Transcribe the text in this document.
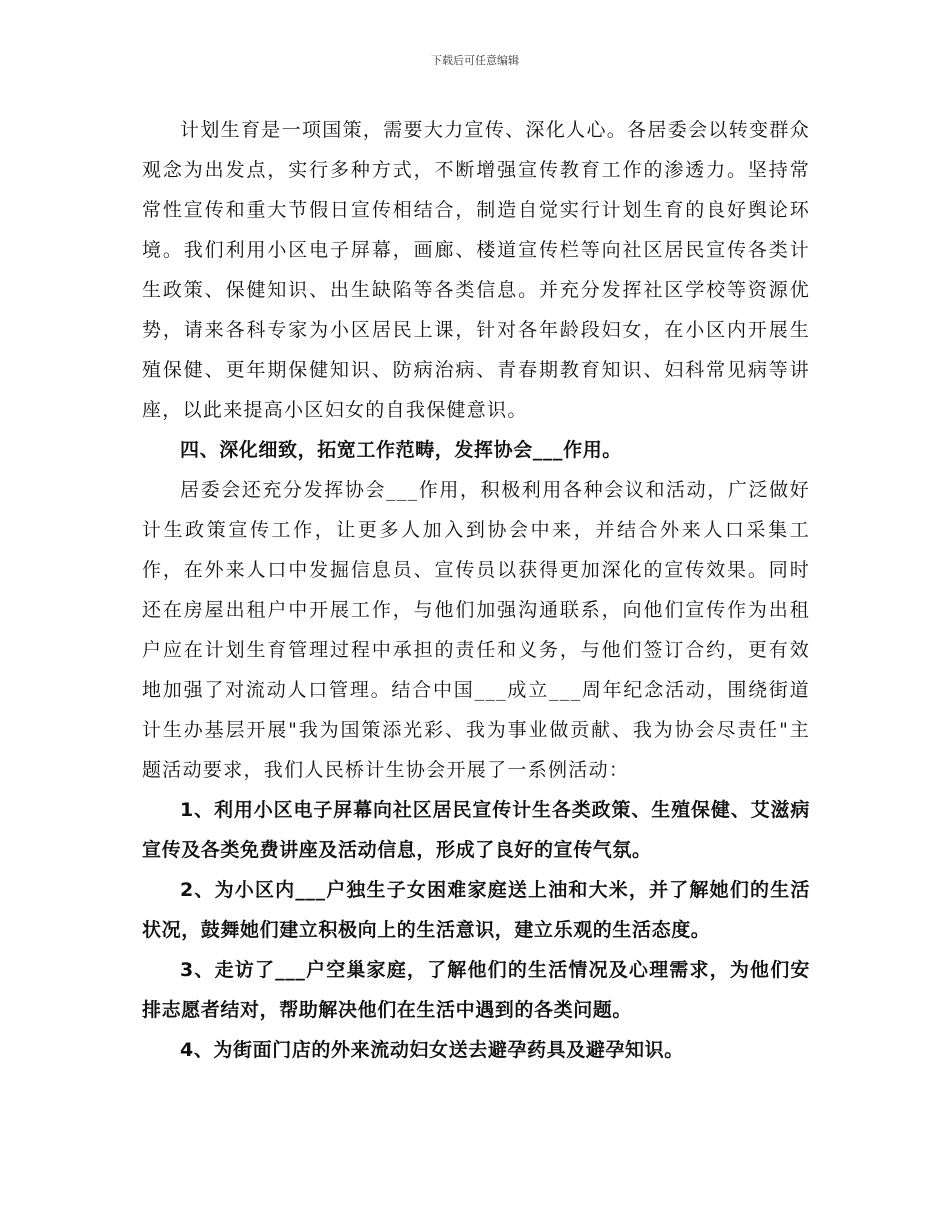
下载后可任意编辑

计划生育是一项国策，需要大力宣传、深化人心。各居委会以转变群众观念为出发点，实行多种方式，不断增强宣传教育工作的渗透力。坚持常常性宣传和重大节假日宣传相结合，制造自觉实行计划生育的良好舆论环境。我们利用小区电子屏幕，画廊、楼道宣传栏等向社区居民宣传各类计生政策、保健知识、出生缺陷等各类信息。并充分发挥社区学校等资源优势，请来各科专家为小区居民上课，针对各年龄段妇女，在小区内开展生殖保健、更年期保健知识、防病治病、青春期教育知识、妇科常见病等讲座，以此来提高小区妇女的自我保健意识。

四、深化细致，拓宽工作范畴，发挥协会___作用。

居委会还充分发挥协会___作用，积极利用各种会议和活动，广泛做好计生政策宣传工作，让更多人加入到协会中来，并结合外来人口采集工作，在外来人口中发掘信息员、宣传员以获得更加深化的宣传效果。同时还在房屋出租户中开展工作，与他们加强沟通联系，向他们宣传作为出租户应在计划生育管理过程中承担的责任和义务，与他们签订合约，更有效地加强了对流动人口管理。结合中国___成立___周年纪念活动，围绕街道计生办基层开展"我为国策添光彩、我为事业做贡献、我为协会尽责任"主题活动要求，我们人民桥计生协会开展了一系例活动：

1、利用小区电子屏幕向社区居民宣传计生各类政策、生殖保健、艾滋病宣传及各类免费讲座及活动信息，形成了良好的宣传气氛。

2、为小区内___户独生子女困难家庭送上油和大米，并了解她们的生活状况，鼓舞她们建立积极向上的生活意识，建立乐观的生活态度。

3、走访了___户空巢家庭，了解他们的生活情况及心理需求，为他们安排志愿者结对，帮助解决他们在生活中遇到的各类问题。

4、为街面门店的外来流动妇女送去避孕药具及避孕知识。
